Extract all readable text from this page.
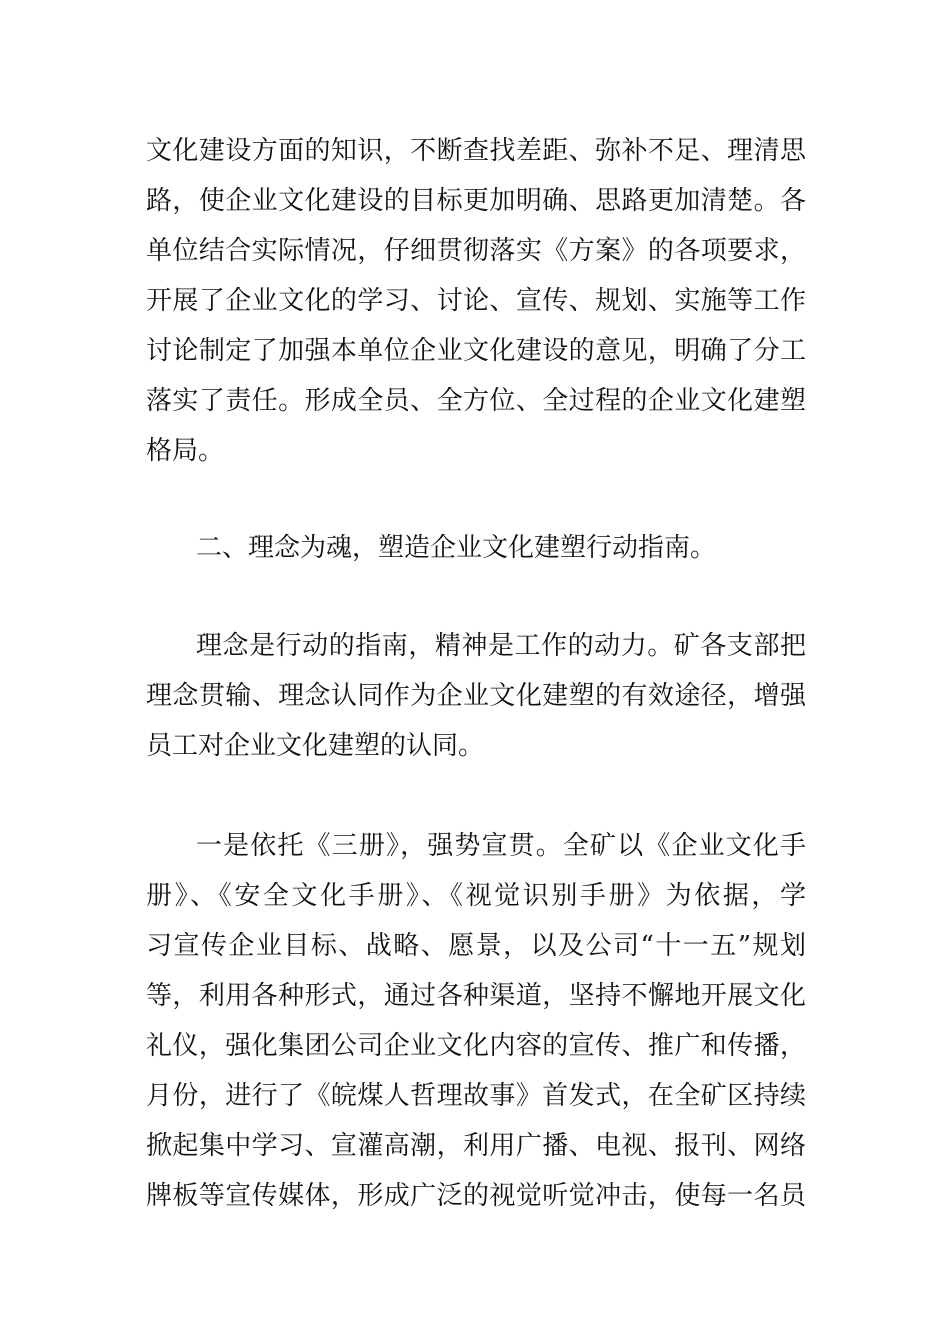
文化建设方面的知识，不断查找差距、弥补不足、理清思
路，使企业文化建设的目标更加明确、思路更加清楚。各
单位结合实际情况，仔细贯彻落实《方案》的各项要求，
开展了企业文化的学习、讨论、宣传、规划、实施等工作
讨论制定了加强本单位企业文化建设的意见，明确了分工
落实了责任。形成全员、全方位、全过程的企业文化建塑
格局。
二、理念为魂，塑造企业文化建塑行动指南。
理念是行动的指南，精神是工作的动力。矿各支部把
理念贯输、理念认同作为企业文化建塑的有效途径，增强
员工对企业文化建塑的认同。
一是依托《三册》，强势宣贯。全矿以《企业文化手
册》、《安全文化手册》、《视觉识别手册》为依据，学
习宣传企业目标、战略、愿景，以及公司“十一五”规划
等，利用各种形式，通过各种渠道，坚持不懈地开展文化
礼仪，强化集团公司企业文化内容的宣传、推广和传播，
月份，进行了《皖煤人哲理故事》首发式，在全矿区持续
掀起集中学习、宣灌高潮，利用广播、电视、报刊、网络
牌板等宣传媒体，形成广泛的视觉听觉冲击，使每一名员
